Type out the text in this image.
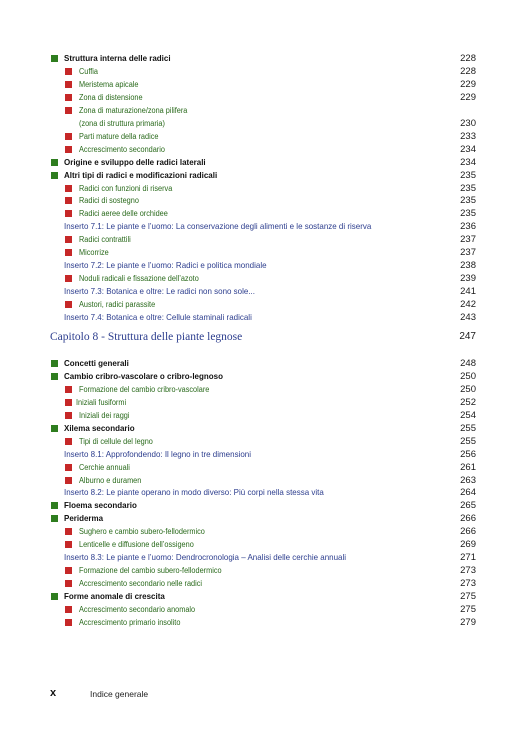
Struttura interna delle radici	228
Cuffia	228
Meristema apicale	229
Zona di distensione	229
Zona di maturazione/zona pilifera
(zona di struttura primaria)	230
Parti mature della radice	233
Accrescimento secondario	234
Origine e sviluppo delle radici laterali	234
Altri tipi di radici e modificazioni radicali	235
Radici con funzioni di riserva	235
Radici di sostegno	235
Radici aeree delle orchidee	235
Inserto 7.1: Le piante e l’uomo: La conservazione degli alimenti e le sostanze di riserva	236
Radici contrattili	237
Micorrize	237
Inserto 7.2: Le piante e l’uomo: Radici e politica mondiale	238
Noduli radicali e fissazione dell’azoto	239
Inserto 7.3: Botanica e oltre: Le radici non sono sole...	241
Austori, radici parassite	242
Inserto 7.4: Botanica e oltre: Cellule staminali radicali	243
Capitolo 8 - Struttura delle piante legnose	247
Concetti generali	248
Cambio cribro-vascolare o cribro-legnoso	250
Formazione del cambio cribro-vascolare	250
Iniziali fusiformi	252
Iniziali dei raggi	254
Xilema secondario	255
Tipi di cellule del legno	255
Inserto 8.1: Approfondendo: Il legno in tre dimensioni	256
Cerchie annuali	261
Alburno e duramen	263
Inserto 8.2: Le piante operano in modo diverso: Più corpi nella stessa vita	264
Floema secondario	265
Periderma	266
Sughero e cambio subero-fellodermico	266
Lenticelle e diffusione dell’ossigeno	269
Inserto 8.3: Le piante e l’uomo: Dendrocronologia – Analisi delle cerchie annuali	271
Formazione del cambio subero-fellodermico	273
Accrescimento secondario nelle radici	273
Forme anomale di crescita	275
Accrescimento secondario anomalo	275
Accrescimento primario insolito	279
x	Indice generale
